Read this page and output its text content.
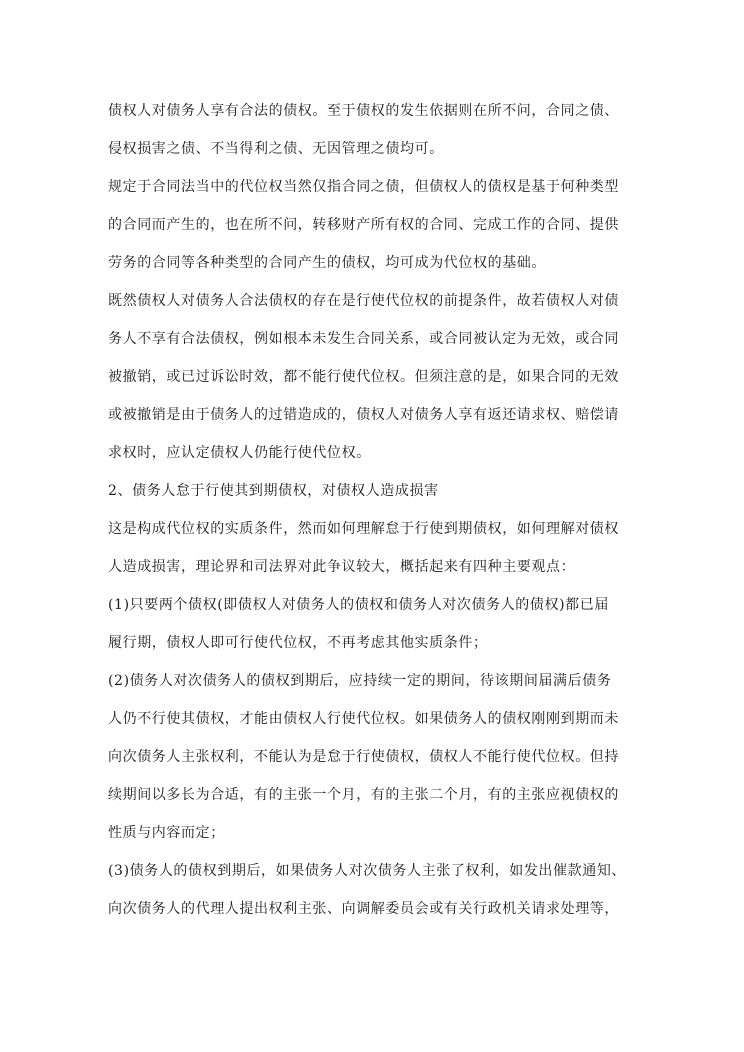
债权人对债务人享有合法的债权。至于债权的发生依据则在所不问，合同之债、
侵权损害之债、不当得利之债、无因管理之债均可。
规定于合同法当中的代位权当然仅指合同之债，但债权人的债权是基于何种类型
的合同而产生的，也在所不问，转移财产所有权的合同、完成工作的合同、提供
劳务的合同等各种类型的合同产生的债权，均可成为代位权的基础。
既然债权人对债务人合法债权的存在是行使代位权的前提条件，故若债权人对债
务人不享有合法债权，例如根本未发生合同关系，或合同被认定为无效，或合同
被撤销，或已过诉讼时效，都不能行使代位权。但须注意的是，如果合同的无效
或被撤销是由于债务人的过错造成的，债权人对债务人享有返还请求权、赔偿请
求权时，应认定债权人仍能行使代位权。
2、债务人怠于行使其到期债权，对债权人造成损害
这是构成代位权的实质条件，然而如何理解怠于行使到期债权，如何理解对债权
人造成损害，理论界和司法界对此争议较大，概括起来有四种主要观点：
(1)只要两个债权(即债权人对债务人的债权和债务人对次债务人的债权)都已届
履行期，债权人即可行使代位权，不再考虑其他实质条件；
(2)债务人对次债务人的债权到期后，应持续一定的期间，待该期间届满后债务
人仍不行使其债权，才能由债权人行使代位权。如果债务人的债权刚刚到期而未
向次债务人主张权利，不能认为是怠于行使债权，债权人不能行使代位权。但持
续期间以多长为合适，有的主张一个月，有的主张二个月，有的主张应视债权的
性质与内容而定；
(3)债务人的债权到期后，如果债务人对次债务人主张了权利，如发出催款通知、
向次债务人的代理人提出权利主张、向调解委员会或有关行政机关请求处理等，
